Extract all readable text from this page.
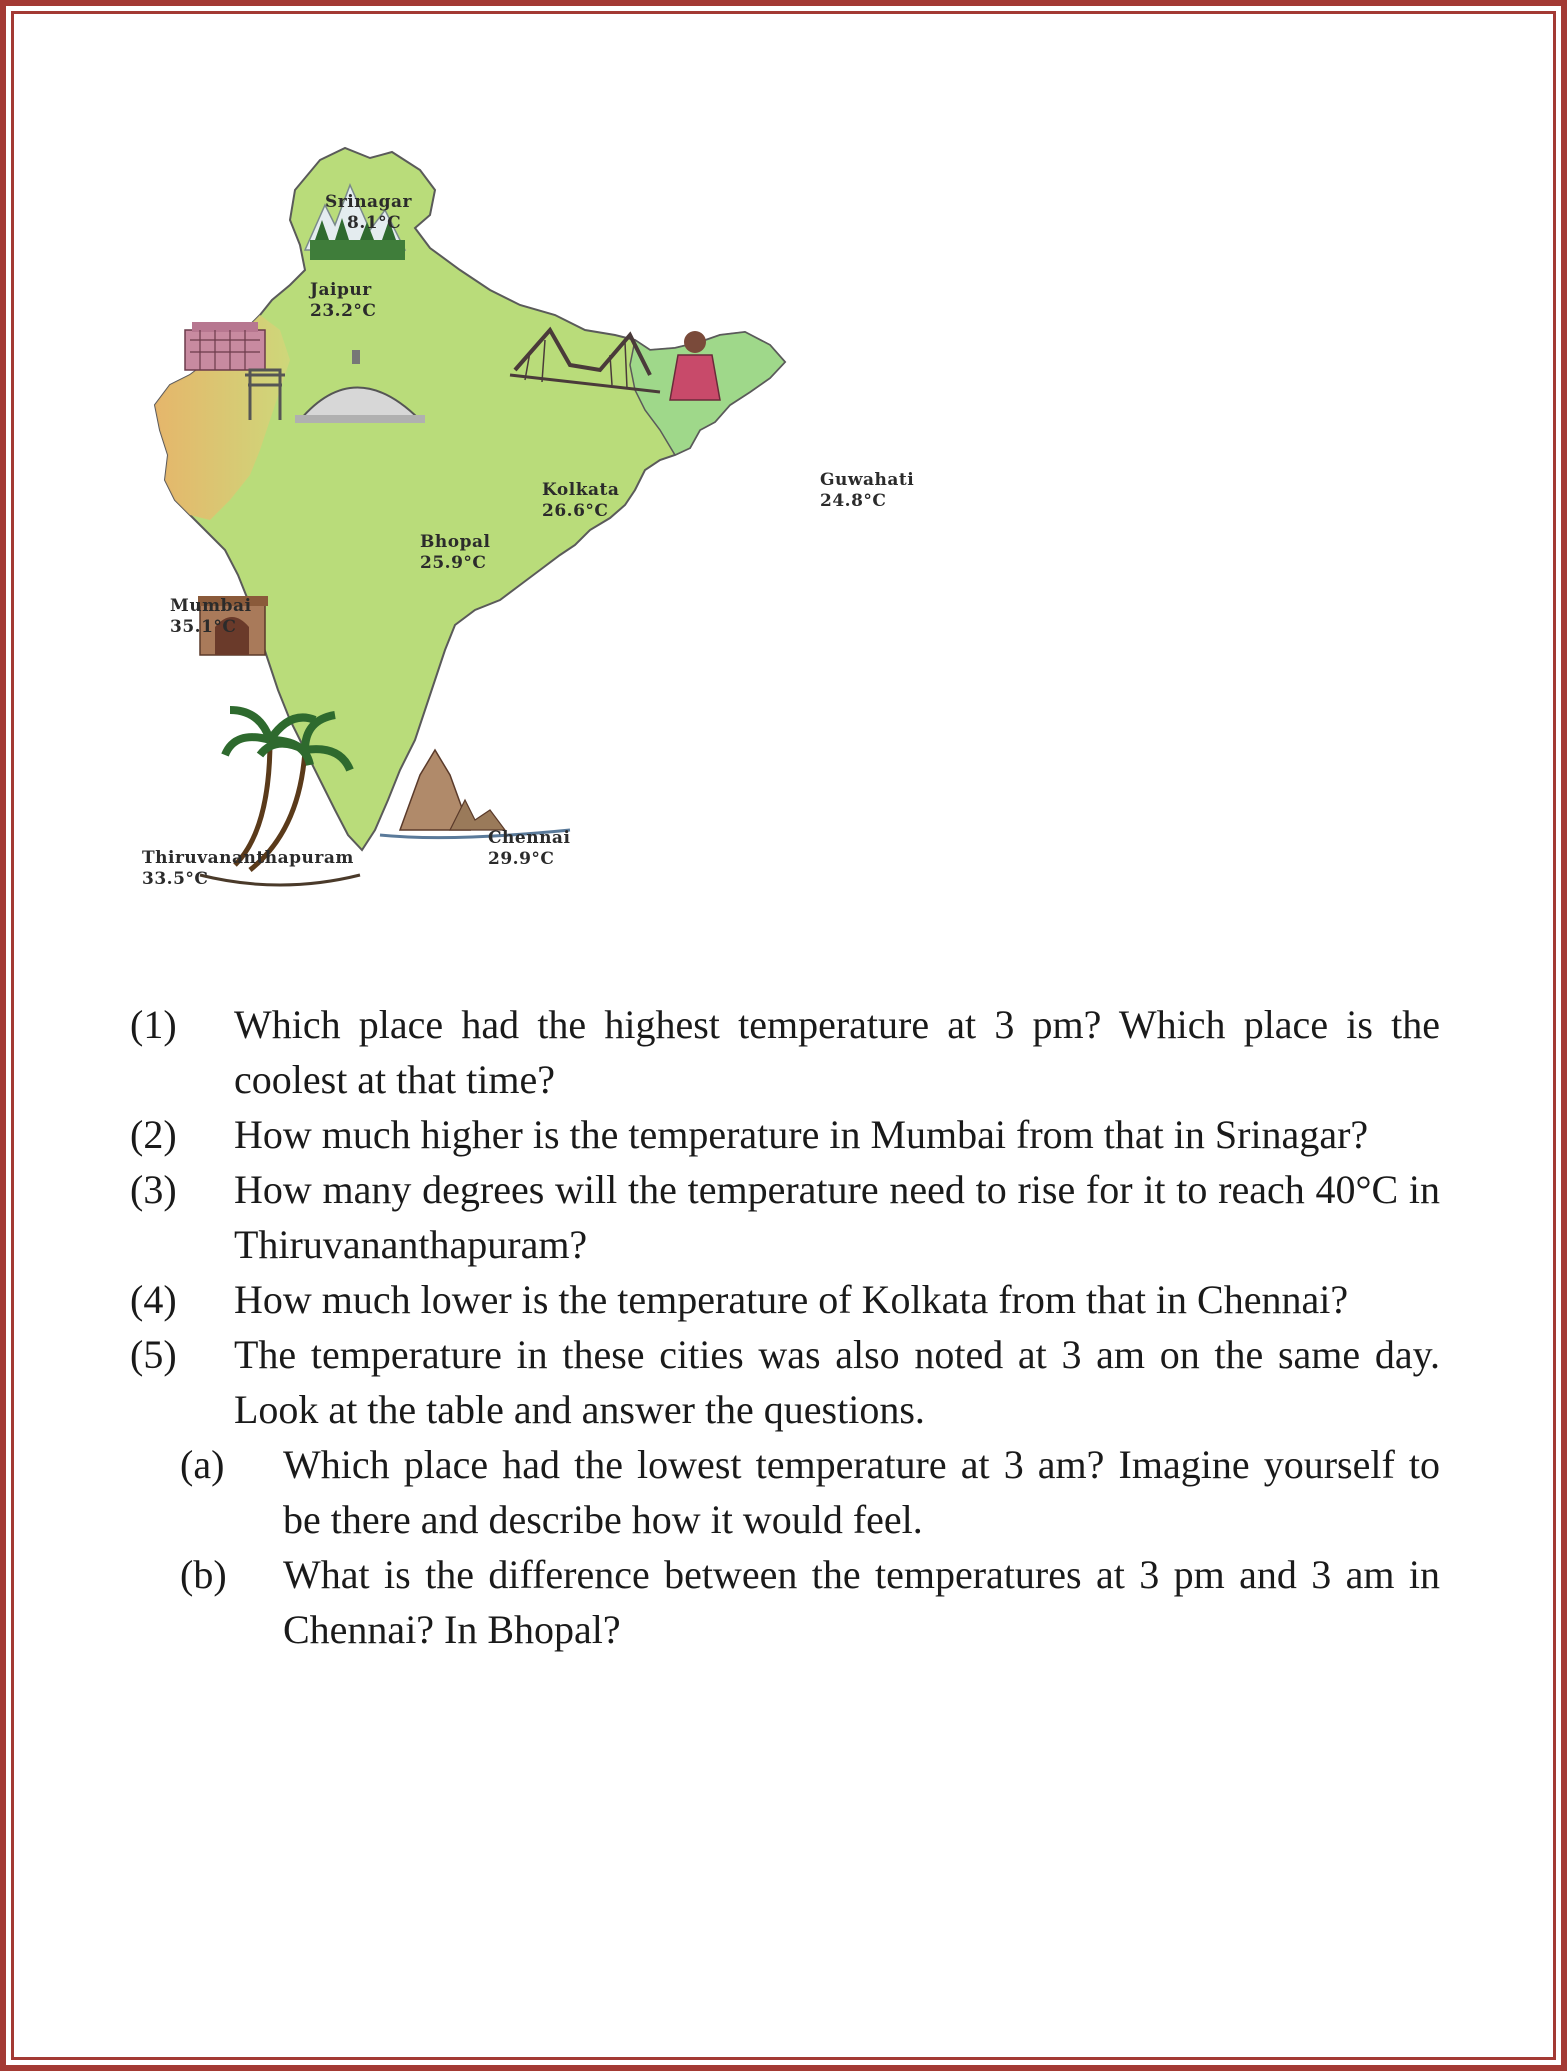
Srinagar
8.1°C
Jaipur
23.2°C
Kolkata
26.6°C
Guwahati
24.8°C
Bhopal
25.9°C
Mumbai
35.1°C
Chennai
29.9°C
Thiruvananthapuram
33.5°C
(1)	Which place had the highest temperature at 3 pm? Which place is the coolest at that time?
(2)	How much higher is the temperature in Mumbai from that in Srinagar?
(3)	How many degrees will the temperature need to rise for it to reach 40°C in Thiruvananthapuram?
(4)	How much lower is the temperature of Kolkata from that in Chennai?
(5)	The temperature in these cities was also noted at 3 am on the same day. Look at the table and answer the questions.
(a)	Which place had the lowest temperature at 3 am? Imagine yourself to be there and describe how it would feel.
(b)	What is the difference between the temperatures at 3 pm and 3 am in Chennai? In Bhopal?
